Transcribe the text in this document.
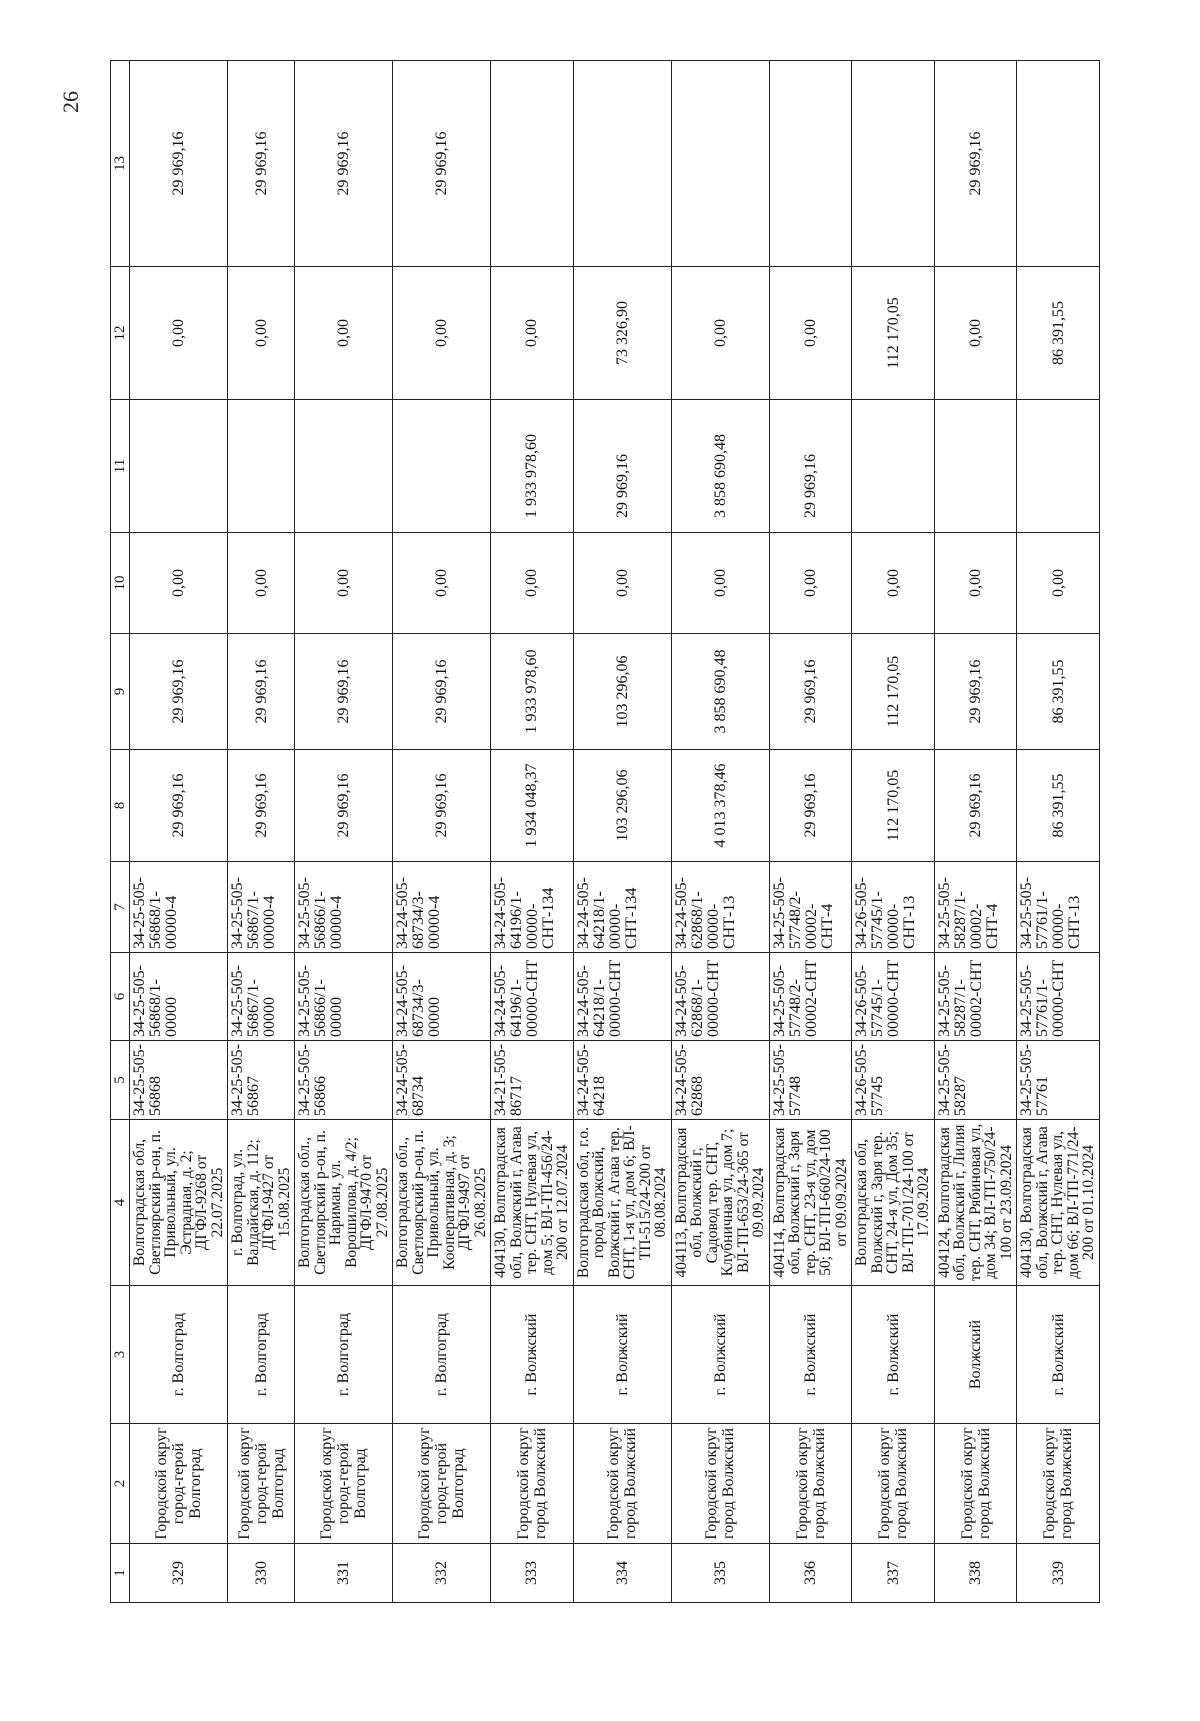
26
1	2	3	4	5	6	7	8	9	10	11	12	13
329	Городской округ город-герой Волгоград	г. Волгоград	Волгоградская обл, Светлоярский р-он, п. Привольный, ул. Эстрадная, д. 2; ДГФЛ-9268 от 22.07.2025	34-25-505-56868	34-25-505-56868/1-00000	34-25-505-56868/1-00000-4	29 969,16	29 969,16	0,00		0,00	29 969,16
330	Городской округ город-герой Волгоград	г. Волгоград	г. Волгоград, ул. Валдайская, д. 112; ДГФЛ-9427 от 15.08.2025	34-25-505-56867	34-25-505-56867/1-00000	34-25-505-56867/1-00000-4	29 969,16	29 969,16	0,00		0,00	29 969,16
331	Городской округ город-герой Волгоград	г. Волгоград	Волгоградская обл., Светлоярский р-он, п. Нариман, ул. Ворошилова, д. 4/2; ДГФЛ-9470 от 27.08.2025	34-25-505-56866	34-25-505-56866/1-00000	34-25-505-56866/1-00000-4	29 969,16	29 969,16	0,00		0,00	29 969,16
332	Городской округ город-герой Волгоград	г. Волгоград	Волгоградская обл., Светлоярский р-он, п. Привольный, ул. Кооперативная, д. 3; ДГФЛ-9497 от 26.08.2025	34-24-505-68734	34-24-505-68734/3-00000	34-24-505-68734/3-00000-4	29 969,16	29 969,16	0,00		0,00	29 969,16
333	Городской округ город Волжский	г. Волжский	404130, Волгоградская обл, Волжский г, Агава тер. СНТ, Нулевая ул, дом 5; ВЛ-ТП-456/24-200 от 12.07.2024	34-21-505-86717	34-24-505-64196/1-00000-СНТ	34-24-505-64196/1-00000-СНТ-134	1 934 048,37	1 933 978,60	0,00	1 933 978,60	0,00	
334	Городской округ город Волжский	г. Волжский	Волгоградская обл, г.о. город Волжский, Волжский г, Агава тер. СНТ, 1-я ул, дом 6; ВЛ-ТП-515/24-200 от 08.08.2024	34-24-505-64218	34-24-505-64218/1-00000-СНТ	34-24-505-64218/1-00000-СНТ-134	103 296,06	103 296,06	0,00	29 969,16	73 326,90	
335	Городской округ город Волжский	г. Волжский	404113, Волгоградская обл, Волжский г, Садовод тер. СНТ, Клубничная ул, дом 7; ВЛ-ТП-653/24-365 от 09.09.2024	34-24-505-62868	34-24-505-62868/1-00000-СНТ	34-24-505-62868/1-00000-СНТ-13	4 013 378,46	3 858 690,48	0,00	3 858 690,48	0,00	
336	Городской округ город Волжский	г. Волжский	404114, Волгоградская обл, Волжский г, Заря тер. СНТ, 23-я ул, дом 50; ВЛ-ТП-660/24-100 от 09.09.2024	34-25-505-57748	34-25-505-57748/2-00002-СНТ	34-25-505-57748/2-00002-СНТ-4	29 969,16	29 969,16	0,00	29 969,16	0,00	
337	Городской округ город Волжский	г. Волжский	Волгоградская обл, Волжский г, Заря тер. СНТ, 24-я ул, Дом 35; ВЛ-ТП-701/24-100 от 17.09.2024	34-26-505-57745	34-26-505-57745/1-00000-СНТ	34-26-505-57745/1-00000-СНТ-13	112 170,05	112 170,05	0,00		112 170,05	
338	Городской округ город Волжский	Волжский	404124, Волгоградская обл, Волжский г, Лилия тер. СНТ, Рябиновая ул, дом 34; ВЛ-ТП-750/24-100 от 23.09.2024	34-25-505-58287	34-25-505-58287/1-00002-СНТ	34-25-505-58287/1-00002-СНТ-4	29 969,16	29 969,16	0,00		0,00	29 969,16
339	Городской округ город Волжский	г. Волжский	404130, Волгоградская обл, Волжский г, Агава тер. СНТ, Нулевая ул, дом 66; ВЛ-ТП-771/24-200 от 01.10.2024	34-25-505-57761	34-25-505-57761/1-00000-СНТ	34-25-505-57761/1-00000-СНТ-13	86 391,55	86 391,55	0,00		86 391,55	
